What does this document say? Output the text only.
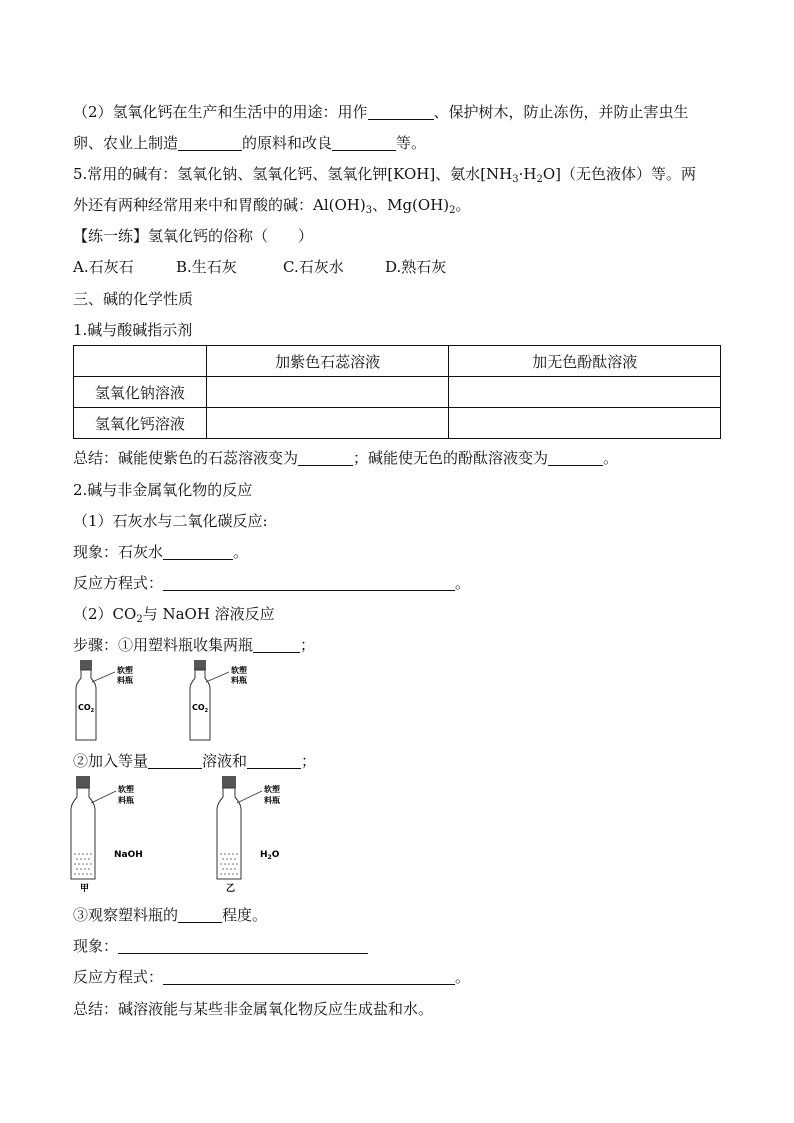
（2）氢氧化钙在生产和生活中的用途：用作	、保护树木，防止冻伤，并防止害虫生
卵、农业上制造	的原料和改良	等。
5.常用的碱有：氢氧化钠、氢氧化钙、氢氧化钾[KOH]、氨水$[NH_3\cdot H_2O]$（无色液体）等。两
外还有两种经常用来中和胃酸的碱：$Al(OH)_3$、$Mg(OH)_2$。
【练一练】氢氧化钙的俗称（　　）
A.石灰石	B.生石灰	C.石灰水	D.熟石灰
三、碱的化学性质
1.碱与酸碱指示剂
	加紫色石蕊溶液	加无色酚酞溶液
氢氧化钠溶液		
氢氧化钙溶液		
总结：碱能使紫色的石蕊溶液变为	；碱能使无色的酚酞溶液变为	。
2.碱与非金属氧化物的反应
（1）石灰水与二氧化碳反应:
现象：石灰水	。
反应方程式：	。
$(2)CO_2$与 NaOH 溶液反应
步骤：①用塑料瓶收集两瓶	；
软塑
料瓶
$CO_2$
软塑
料瓶
$CO_2$
②加入等量	溶液和	；
软塑
料瓶
NaOH
甲
软塑
料瓶
$H_2O$
乙
③观察塑料瓶的	程度。
现象：
反应方程式：	。
总结：碱溶液能与某些非金属氧化物反应生成盐和水。
